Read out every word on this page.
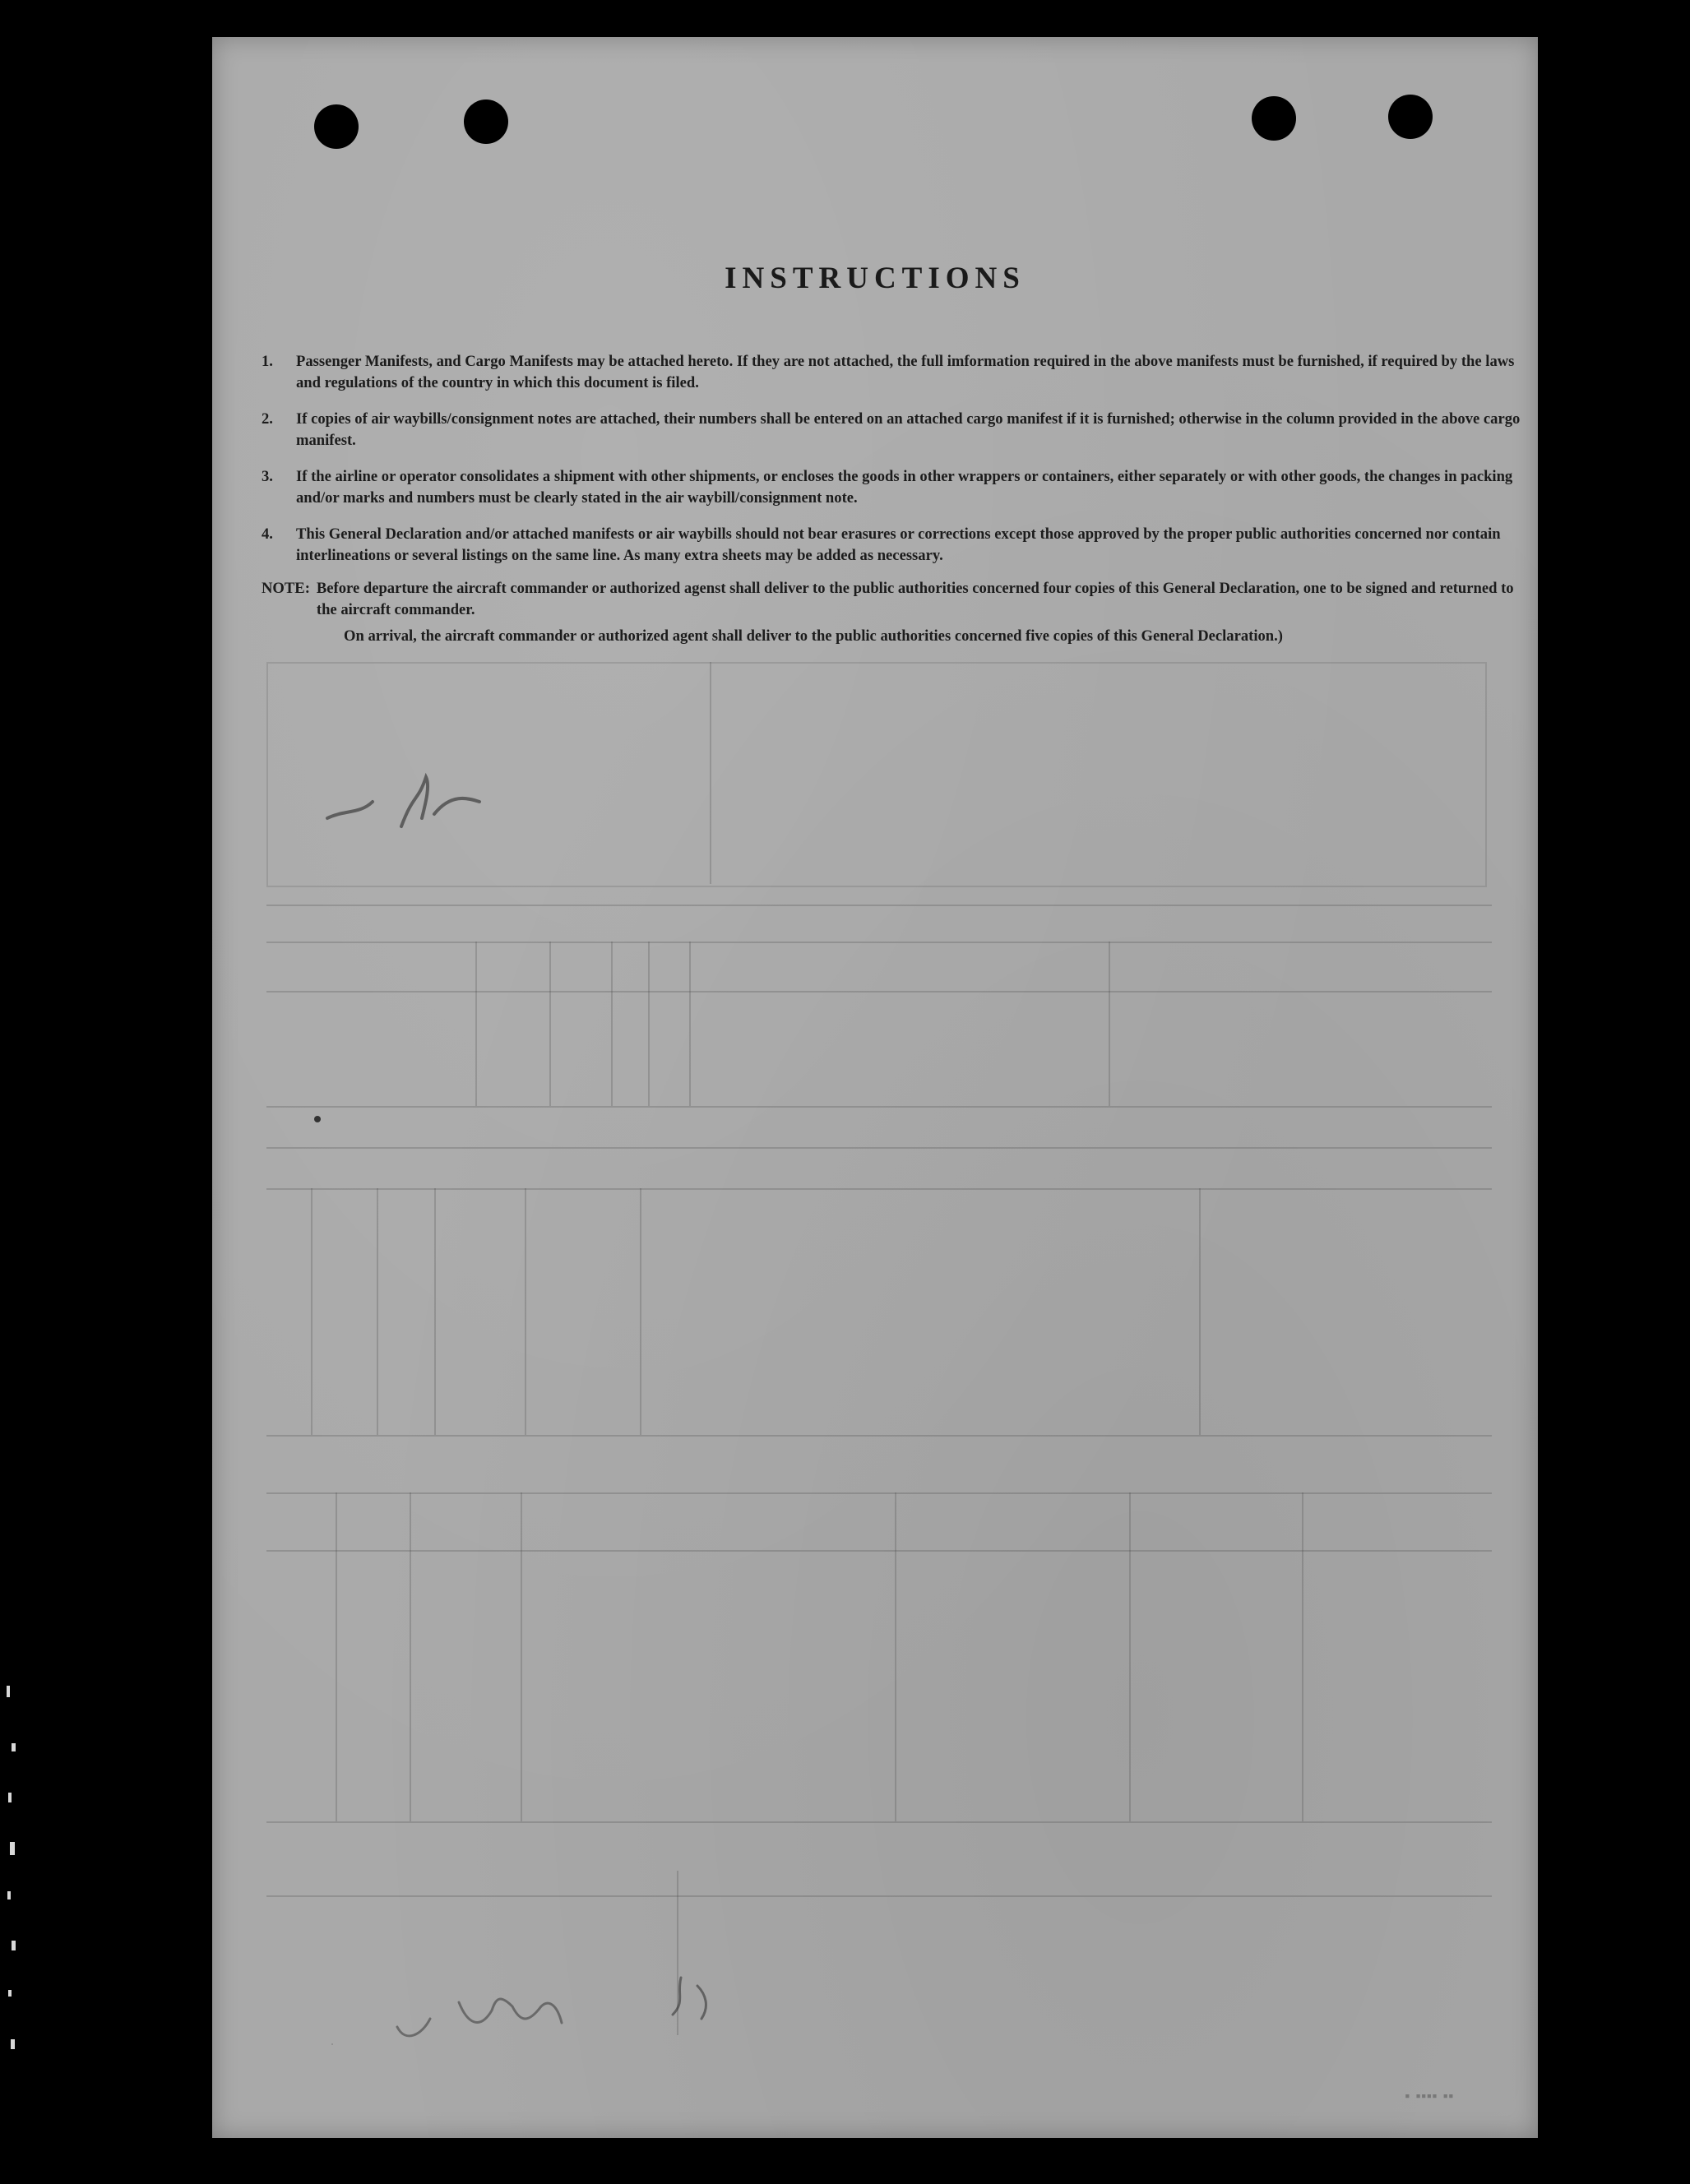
▪ ▪▪▪▪ ▪▪
INSTRUCTIONS
1.	Passenger Manifests, and Cargo Manifests may be attached hereto. If they are not attached, the full imformation required in the above manifests must be furnished, if required by the laws and regulations of the country in which this document is filed.
2.	If copies of air waybills/consignment notes are attached, their numbers shall be entered on an attached cargo manifest if it is furnished; otherwise in the column provided in the above cargo manifest.
3.	If the airline or operator consolidates a shipment with other shipments, or encloses the goods in other wrappers or containers, either separately or with other goods, the changes in packing and/or marks and numbers must be clearly stated in the air waybill/consignment note.
4.	This General Declaration and/or attached manifests or air waybills should not bear erasures or corrections except those approved by the proper public authorities concerned nor contain interlineations or several listings on the same line. As many extra sheets may be added as necessary.
NOTE: Before departure the aircraft commander or authorized agenst shall deliver to the public authorities concerned four copies of this General Declaration, one to be signed and returned to the aircraft commander.
On arrival, the aircraft commander or authorized agent shall deliver to the public authorities concerned five copies of this General Declaration.)
